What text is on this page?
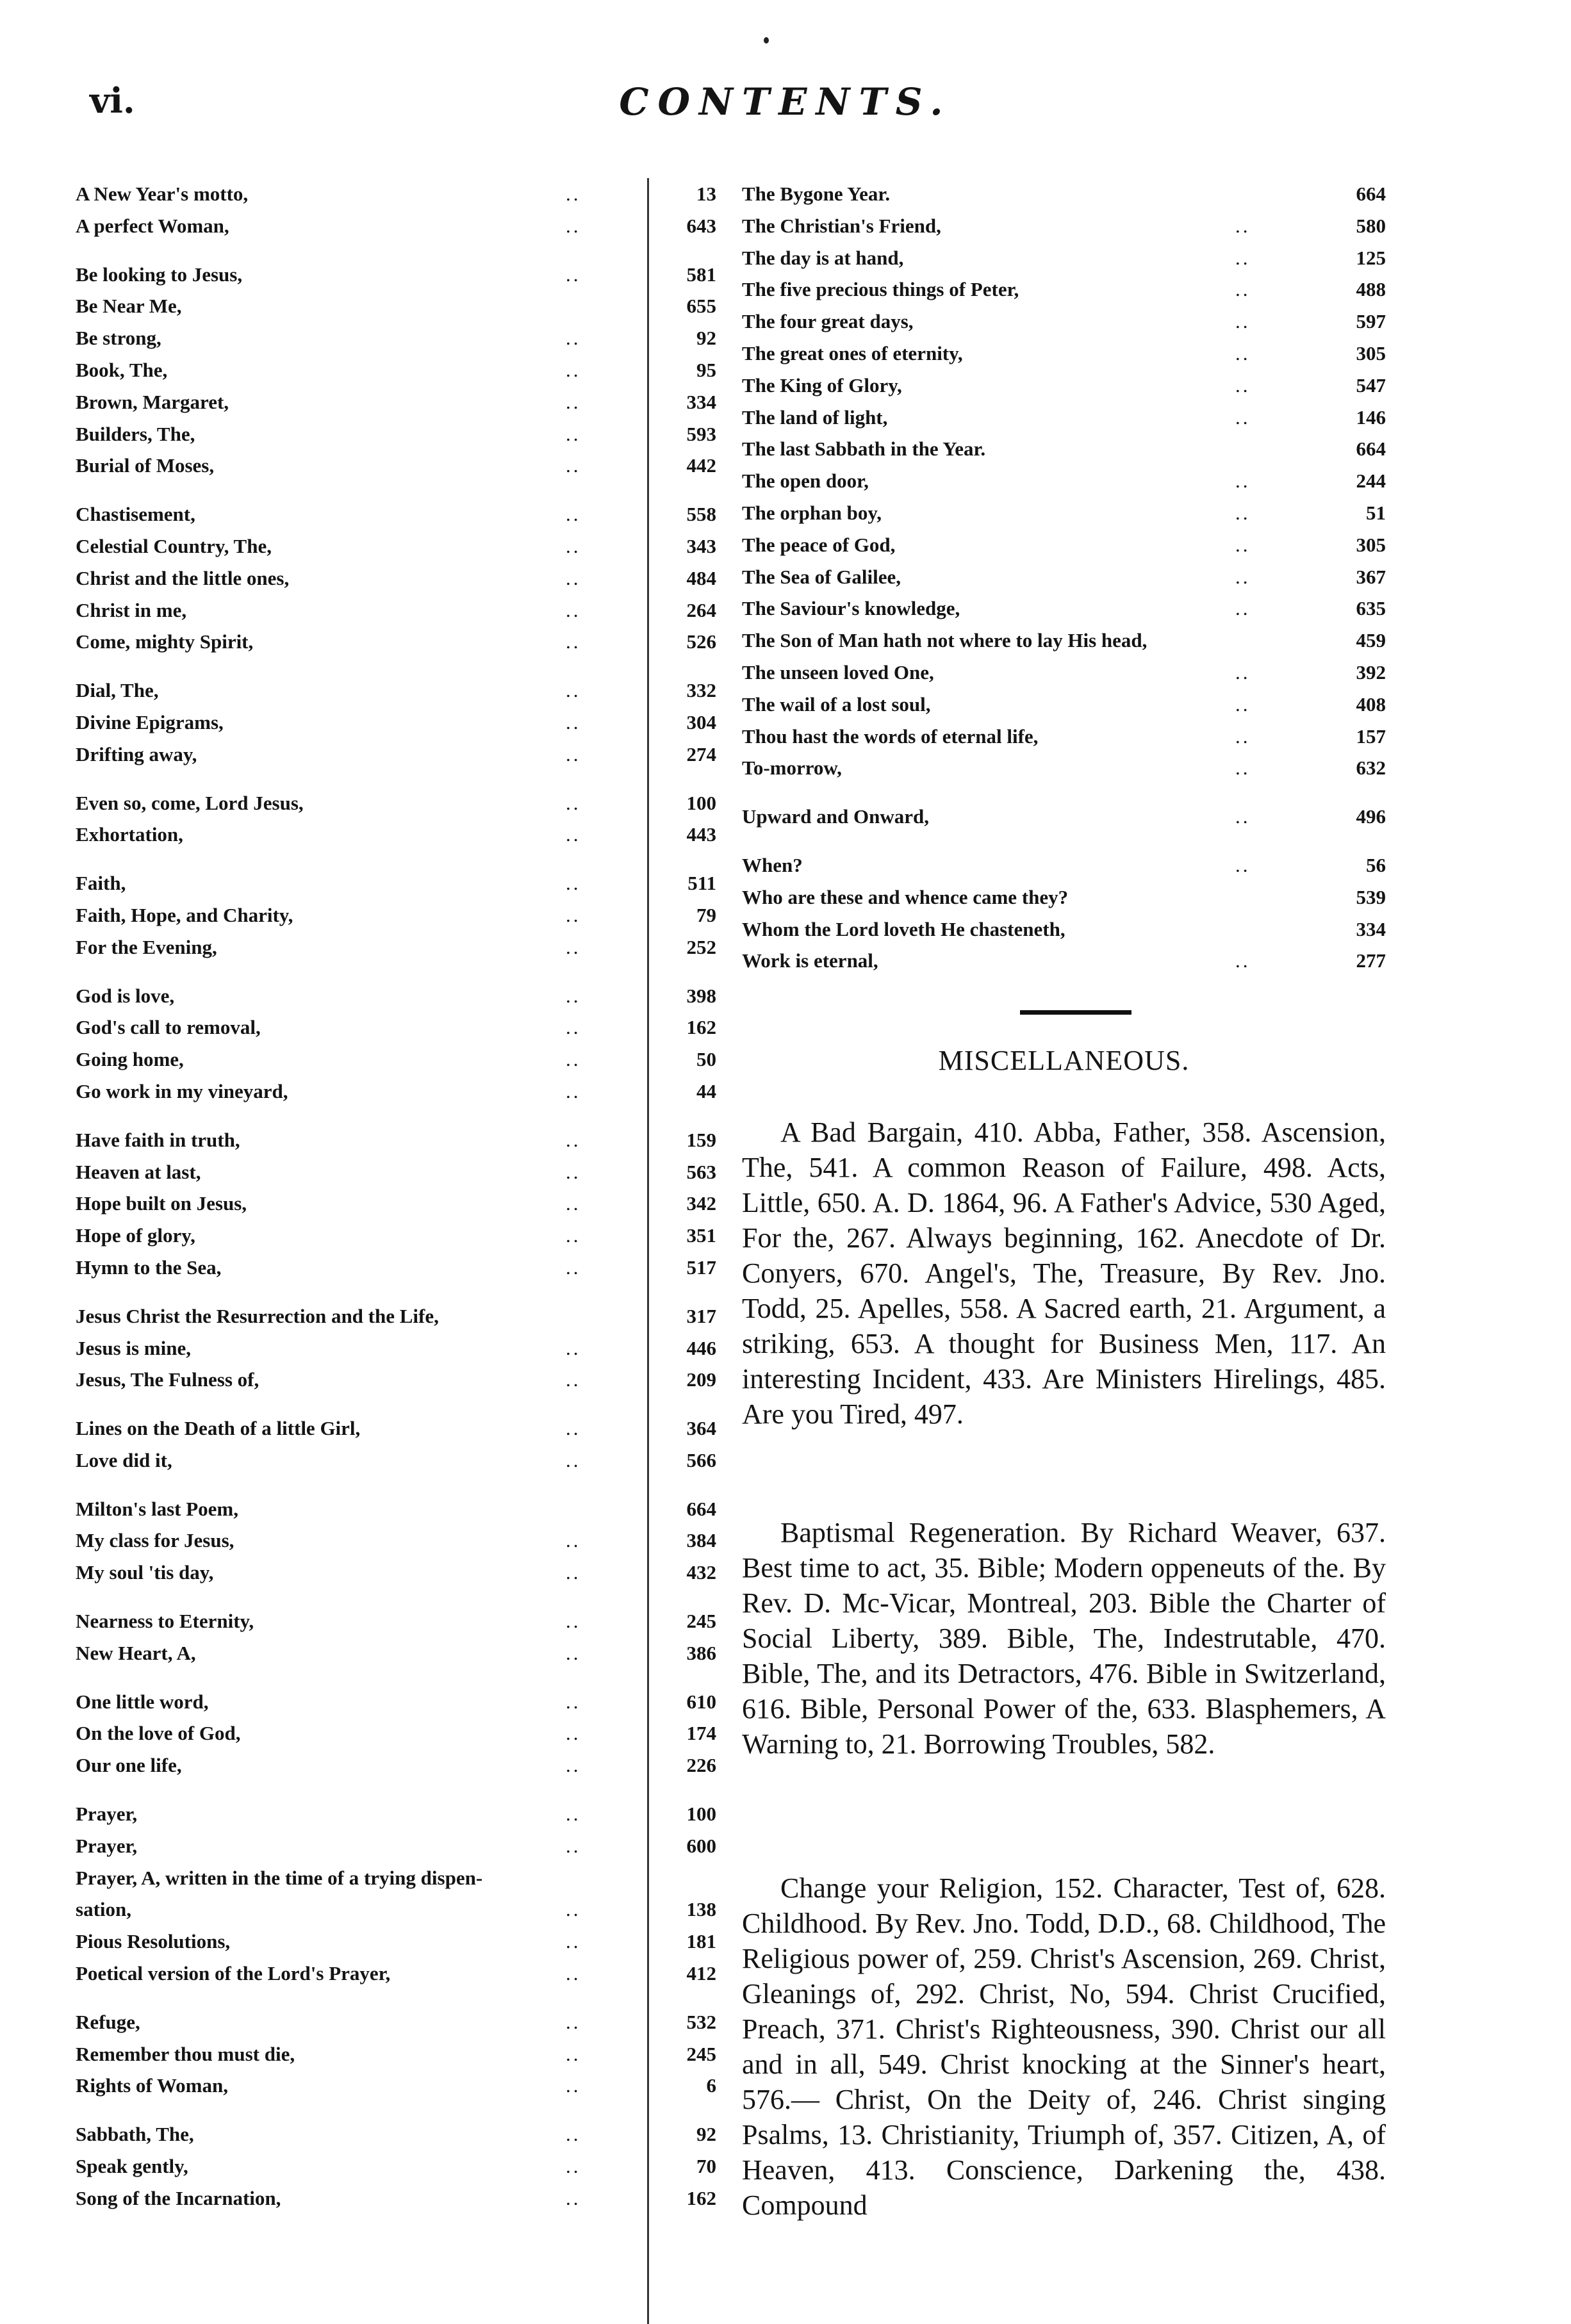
vi.	CONTENTS.
A New Year's motto,	..	13
A perfect Woman,	..	643
Be looking to Jesus,	..	581
Be Near Me,	655
Be strong,	..	92
Book, The,	..	95
Brown, Margaret,	..	334
Builders, The,	..	593
Burial of Moses,	..	442
Chastisement,	..	558
Celestial Country, The,	..	343
Christ and the little ones,	..	484
Christ in me,	..	264
Come, mighty Spirit,	..	526
Dial, The,	..	332
Divine Epigrams,	..	304
Drifting away,	..	274
Even so, come, Lord Jesus,	..	100
Exhortation,	..	443
Faith,	..	511
Faith, Hope, and Charity,	..	79
For the Evening,	..	252
God is love,	..	398
God's call to removal,	..	162
Going home,	..	50
Go work in my vineyard,	..	44
Have faith in truth,	..	159
Heaven at last,	..	563
Hope built on Jesus,	..	342
Hope of glory,	..	351
Hymn to the Sea,	..	517
Jesus Christ the Resurrection and the Life,	317
Jesus is mine,	..	446
Jesus, The Fulness of,	..	209
Lines on the Death of a little Girl,	..	364
Love did it,	..	566
Milton's last Poem,	664
My class for Jesus,	..	384
My soul 'tis day,	..	432
Nearness to Eternity,	..	245
New Heart, A,	..	386
One little word,	..	610
On the love of God,	..	174
Our one life,	..	226
Prayer,	..	100
Prayer,	..	600
Prayer, A, written in the time of a trying dispen-
sation,	..	138
Pious Resolutions,	..	181
Poetical version of the Lord's Prayer,	..	412
Refuge,	..	532
Remember thou must die,	..	245
Rights of Woman,	..	6
Sabbath, The,	..	92
Speak gently,	..	70
Song of the Incarnation,	..	162
The Bygone Year.	664
The Christian's Friend,	..	580
The day is at hand,	..	125
The five precious things of Peter,	..	488
The four great days,	..	597
The great ones of eternity,	..	305
The King of Glory,	..	547
The land of light,	..	146
The last Sabbath in the Year.	664
The open door,	..	244
The orphan boy,	..	51
The peace of God,	..	305
The Sea of Galilee,	..	367
The Saviour's knowledge,	..	635
The Son of Man hath not where to lay His head,	459
The unseen loved One,	..	392
The wail of a lost soul,	..	408
Thou hast the words of eternal life,	..	157
To-morrow,	..	632
Upward and Onward,	..	496
When?	..	56
Who are these and whence came they?	539
Whom the Lord loveth He chasteneth,	334
Work is eternal,	..	277
MISCELLANEOUS.

A Bad Bargain, 410. Abba, Father, 358. Ascension, The, 541. A common Reason of Failure, 498. Acts, Little, 650. A. D. 1864, 96. A Father's Advice, 530 Aged, For the, 267. Always beginning, 162. Anecdote of Dr. Conyers, 670. Angel's, The, Treasure, By Rev. Jno. Todd, 25. Apelles, 558. A Sacred earth, 21. Argument, a striking, 653. A thought for Business Men, 117. An interesting Incident, 433. Are Ministers Hirelings, 485. Are you Tired, 497.

Baptismal Regeneration. By Richard Weaver, 637. Best time to act, 35. Bible; Modern oppeneuts of the. By Rev. D. Mc-Vicar, Montreal, 203. Bible the Charter of Social Liberty, 389. Bible, The, Indestrutable, 470. Bible, The, and its Detractors, 476. Bible in Switzerland, 616. Bible, Personal Power of the, 633. Blasphemers, A Warning to, 21. Borrowing Troubles, 582.

Change your Religion, 152. Character, Test of, 628. Childhood. By Rev. Jno. Todd, D.D., 68. Childhood, The Religious power of, 259. Christ's Ascension, 269. Christ, Gleanings of, 292. Christ, No, 594. Christ Crucified, Preach, 371. Christ's Righteousness, 390. Christ our all and in all, 549. Christ knocking at the Sinner's heart, 576.— Christ, On the Deity of, 246. Christ singing Psalms, 13. Christianity, Triumph of, 357. Citizen, A, of Heaven, 413. Conscience, Darkening the, 438. Compound
